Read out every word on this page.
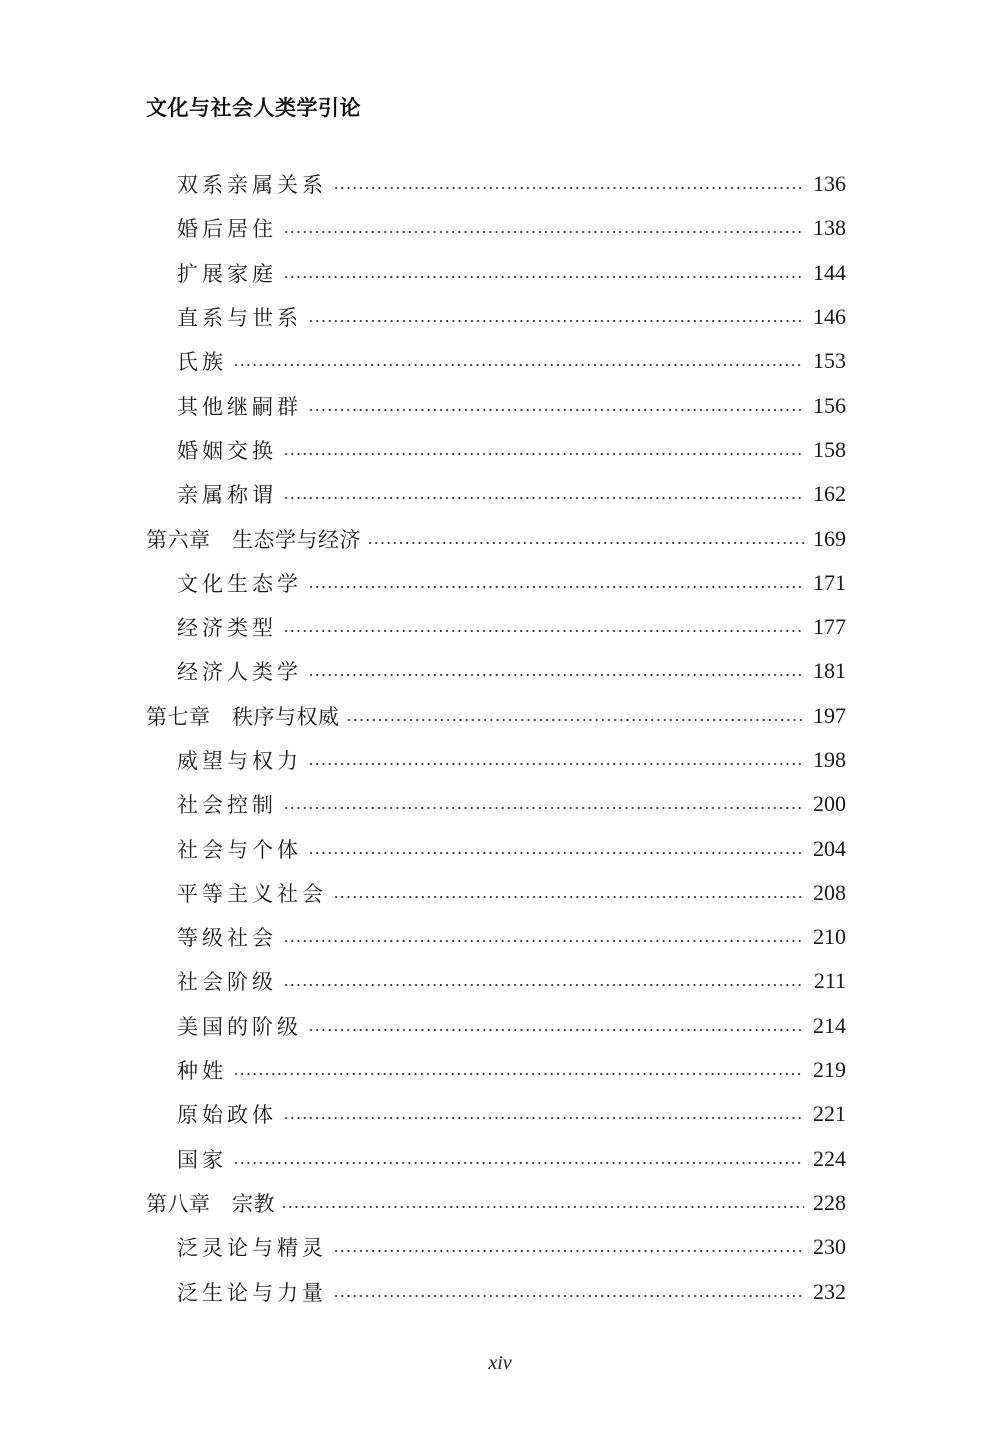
文化与社会人类学引论
双系亲属关系	136
婚后居住	138
扩展家庭	144
直系与世系	146
氏族	153
其他继嗣群	156
婚姻交换	158
亲属称谓	162
第六章　生态学与经济	169
文化生态学	171
经济类型	177
经济人类学	181
第七章　秩序与权威	197
威望与权力	198
社会控制	200
社会与个体	204
平等主义社会	208
等级社会	210
社会阶级	211
美国的阶级	214
种姓	219
原始政体	221
国家	224
第八章　宗教	228
泛灵论与精灵	230
泛生论与力量	232
xiv
